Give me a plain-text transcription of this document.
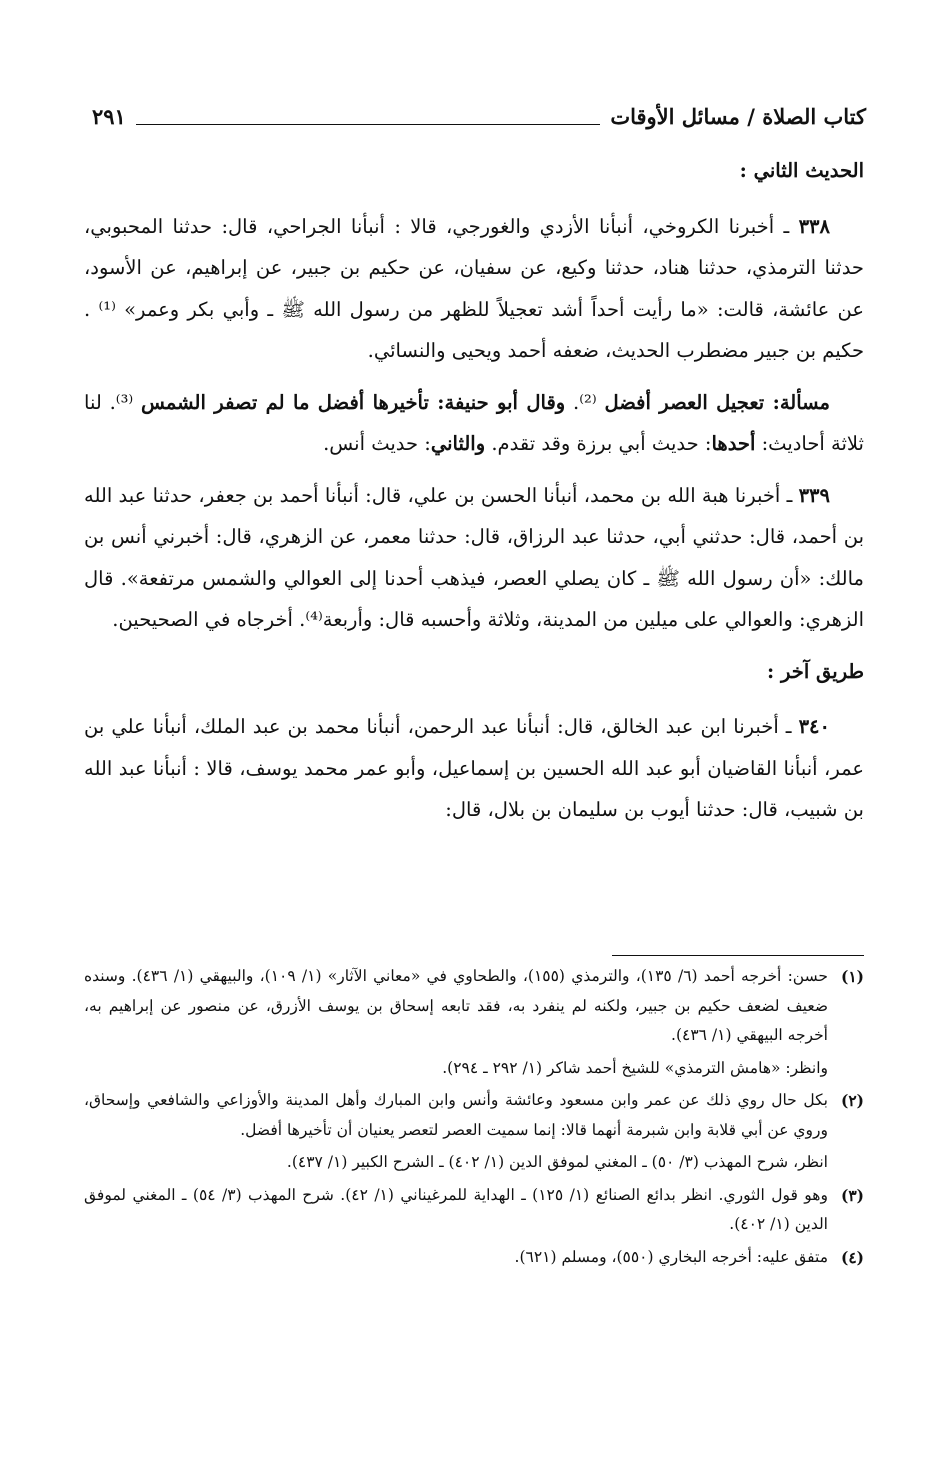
كتاب الصلاة / مسائل الأوقات
٢٩١
الحديث الثاني :

٣٣٨ ـ أخبرنا الكروخي، أنبأنا الأزدي والغورجي، قالا : أنبأنا الجراحي، قال: حدثنا المحبوبي، حدثنا الترمذي، حدثنا هناد، حدثنا وكيع، عن سفيان، عن حكيم بن جبير، عن إبراهيم، عن الأسود، عن عائشة، قالت: «ما رأيت أحداً أشد تعجيلاً للظهر من رسول الله ﷺ ـ وأبي بكر وعمر» ⁽¹⁾ . حكيم بن جبير مضطرب الحديث، ضعفه أحمد ويحيى والنسائي.

مسألة: تعجيل العصر أفضل ⁽²⁾. وقال أبو حنيفة: تأخيرها أفضل ما لم تصفر الشمس ⁽³⁾. لنا ثلاثة أحاديث: أحدها: حديث أبي برزة وقد تقدم. والثاني: حديث أنس.

٣٣٩ ـ أخبرنا هبة الله بن محمد، أنبأنا الحسن بن علي، قال: أنبأنا أحمد بن جعفر، حدثنا عبد الله بن أحمد، قال: حدثني أبي، حدثنا عبد الرزاق، قال: حدثنا معمر، عن الزهري، قال: أخبرني أنس بن مالك: «أن رسول الله ﷺ ـ كان يصلي العصر، فيذهب أحدنا إلى العوالي والشمس مرتفعة». قال الزهري: والعوالي على ميلين من المدينة، وثلاثة وأحسبه قال: وأربعة⁽⁴⁾. أخرجاه في الصحيحين.

طريق آخر :

٣٤٠ ـ أخبرنا ابن عبد الخالق، قال: أنبأنا عبد الرحمن، أنبأنا محمد بن عبد الملك، أنبأنا علي بن عمر، أنبأنا القاضيان أبو عبد الله الحسين بن إسماعيل، وأبو عمر محمد يوسف، قالا : أنبأنا عبد الله بن شبيب، قال: حدثنا أيوب بن سليمان بن بلال، قال:

(١)
حسن: أخرجه أحمد (٦/ ١٣٥)، والترمذي (١٥٥)، والطحاوي في «معاني الآثار» (١/ ١٠٩)، والبيهقي (١/ ٤٣٦). وسنده ضعيف لضعف حكيم بن جبير، ولكنه لم ينفرد به، فقد تابعه إسحاق بن يوسف الأزرق، عن منصور عن إبراهيم به، أخرجه البيهقي (١/ ٤٣٦).
وانظر: «هامش الترمذي» للشيخ أحمد شاكر (١/ ٢٩٢ ـ ٢٩٤).
(٢)
بكل حال روي ذلك عن عمر وابن مسعود وعائشة وأنس وابن المبارك وأهل المدينة والأوزاعي والشافعي وإسحاق، وروي عن أبي قلابة وابن شبرمة أنهما قالا: إنما سميت العصر لتعصر يعنيان أن تأخيرها أفضل.
انظر، شرح المهذب (٣/ ٥٠) ـ المغني لموفق الدين (١/ ٤٠٢) ـ الشرح الكبير (١/ ٤٣٧).
(٣)
وهو قول الثوري. انظر بدائع الصنائع (١/ ١٢٥) ـ الهداية للمرغيناني (١/ ٤٢). شرح المهذب (٣/ ٥٤) ـ المغني لموفق الدين (١/ ٤٠٢).
(٤)
متفق عليه: أخرجه البخاري (٥٥٠)، ومسلم (٦٢١).
